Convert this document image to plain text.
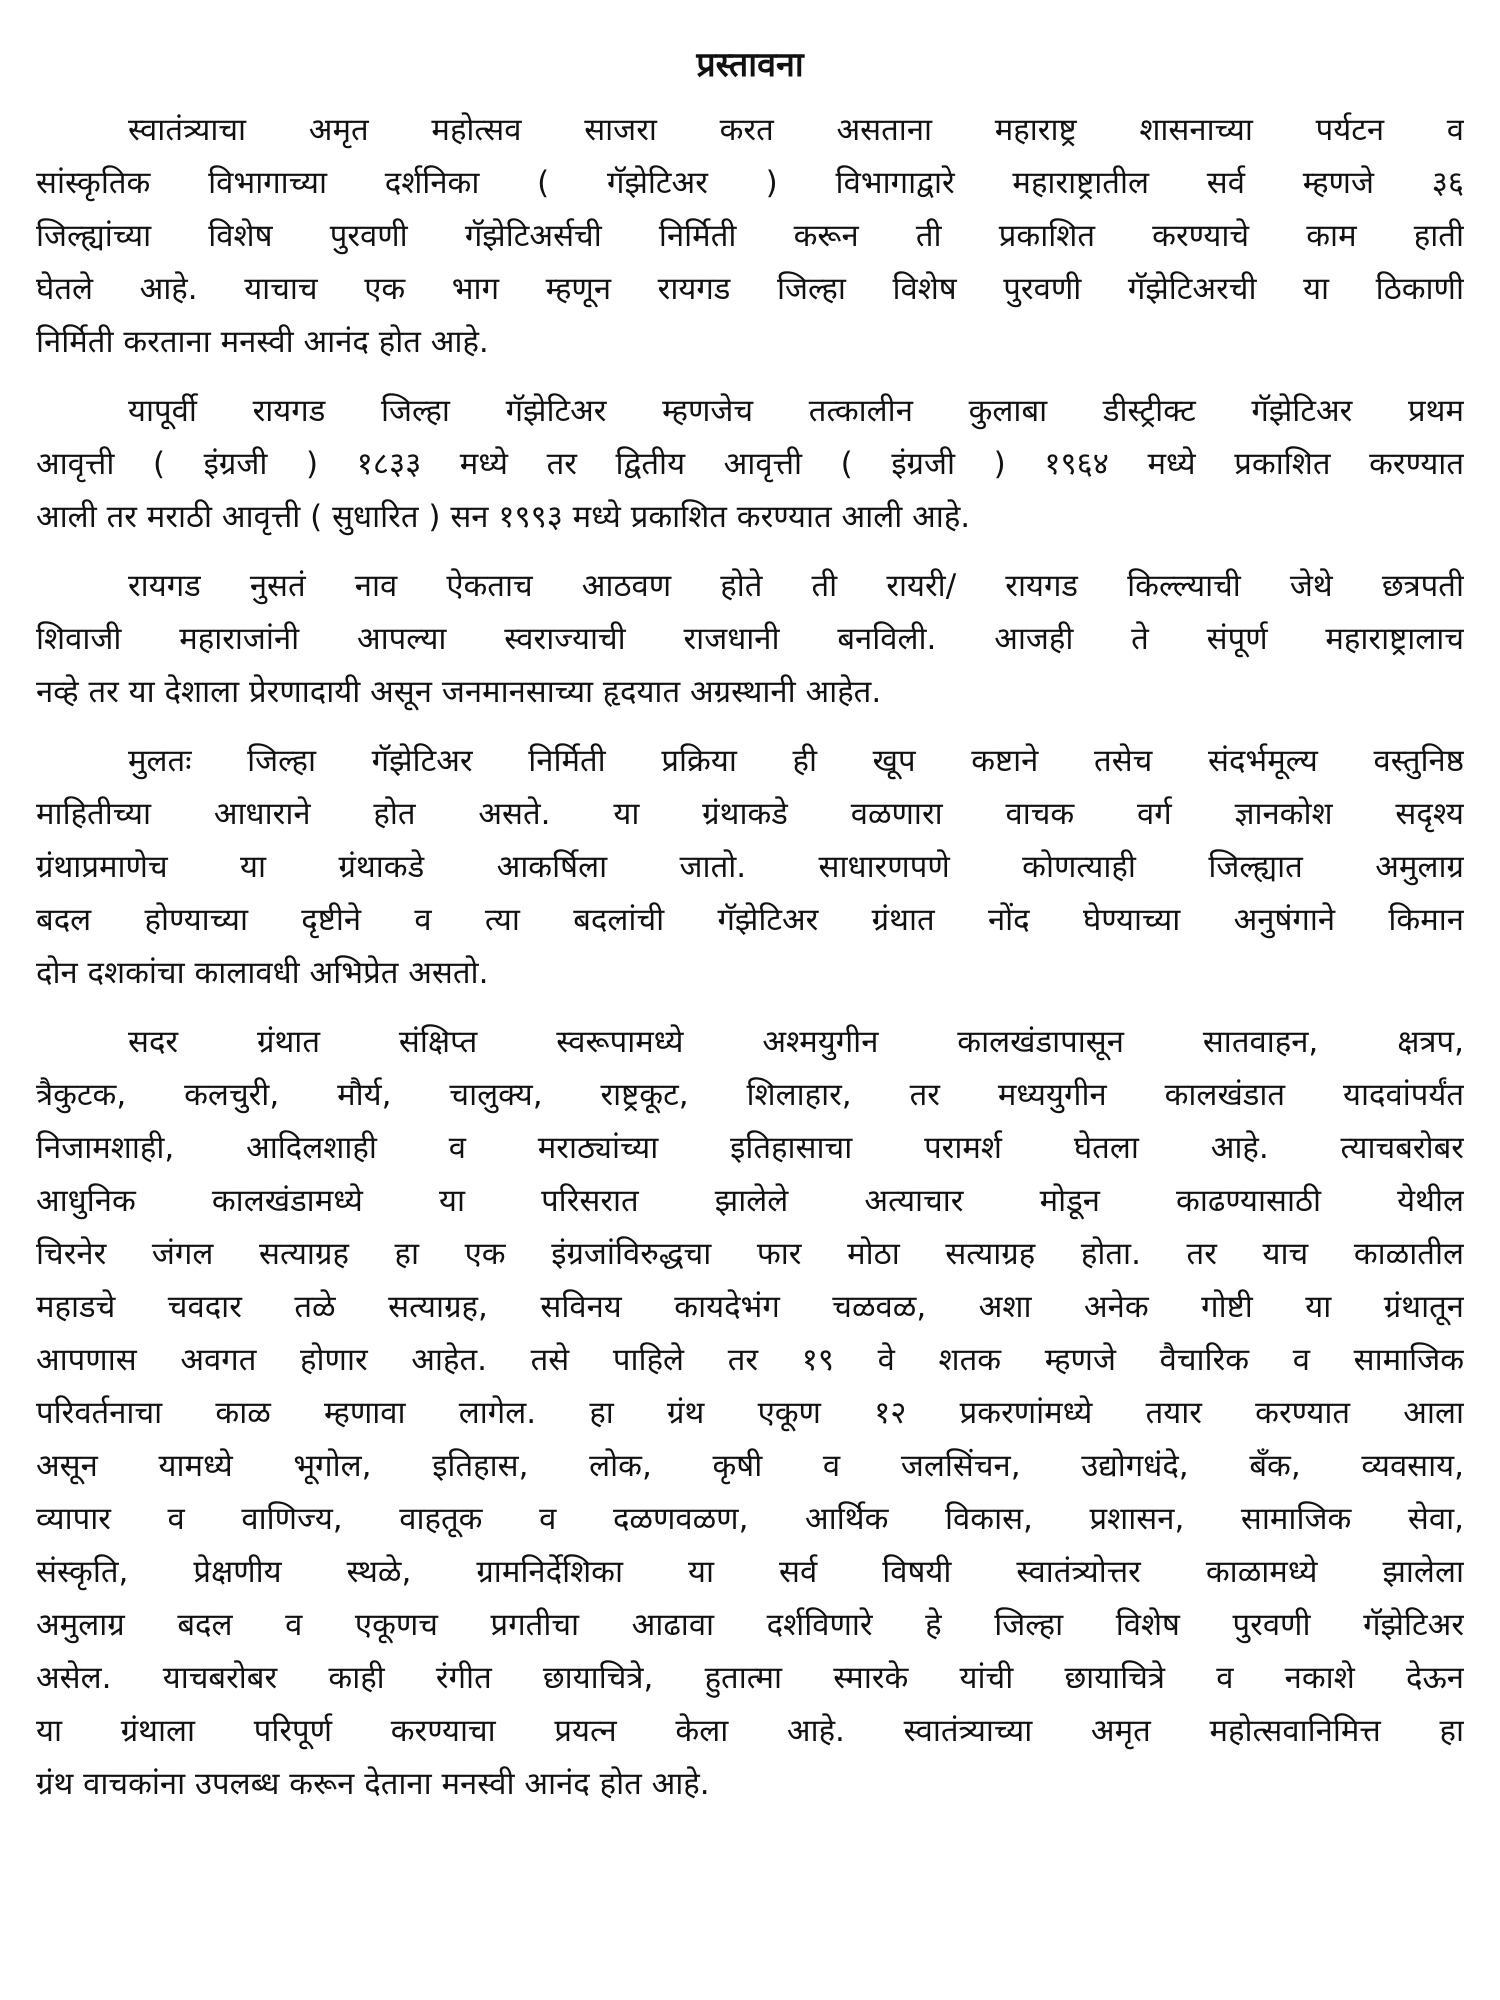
प्रस्तावना
स्वातंत्र्याचा अमृत महोत्सव साजरा करत असताना महाराष्ट्र शासनाच्या पर्यटन व
सांस्कृतिक विभागाच्या दर्शनिका ( गॅझेटिअर ) विभागाद्वारे महाराष्ट्रातील सर्व म्हणजे ३६
जिल्ह्यांच्या विशेष पुरवणी गॅझेटिअर्सची निर्मिती करून ती प्रकाशित करण्याचे काम हाती
घेतले आहे. याचाच एक भाग म्हणून रायगड जिल्हा विशेष पुरवणी गॅझेटिअरची या ठिकाणी
निर्मिती करताना मनस्वी आनंद होत आहे.
यापूर्वी रायगड जिल्हा गॅझेटिअर म्हणजेच तत्कालीन कुलाबा डीस्ट्रीक्ट गॅझेटिअर प्रथम
आवृत्ती ( इंग्रजी ) १८३३ मध्ये तर द्वितीय आवृत्ती ( इंग्रजी ) १९६४ मध्ये प्रकाशित करण्यात
आली तर मराठी आवृत्ती ( सुधारित ) सन १९९३ मध्ये प्रकाशित करण्यात आली आहे.
रायगड नुसतं नाव ऐकताच आठवण होते ती रायरी/ रायगड किल्ल्याची जेथे छत्रपती
शिवाजी महाराजांनी आपल्या स्वराज्याची राजधानी बनविली. आजही ते संपूर्ण महाराष्ट्रालाच
नव्हे तर या देशाला प्रेरणादायी असून जनमानसाच्या हृदयात अग्रस्थानी आहेत.
मुलतः जिल्हा गॅझेटिअर निर्मिती प्रक्रिया ही खूप कष्टाने तसेच संदर्भमूल्य वस्तुनिष्ठ
माहितीच्या आधाराने होत असते. या ग्रंथाकडे वळणारा वाचक वर्ग ज्ञानकोश सदृश्य
ग्रंथाप्रमाणेच या ग्रंथाकडे आकर्षिला जातो. साधारणपणे कोणत्याही जिल्ह्यात अमुलाग्र
बदल होण्याच्या दृष्टीने व त्या बदलांची गॅझेटिअर ग्रंथात नोंद घेण्याच्या अनुषंगाने किमान
दोन दशकांचा कालावधी अभिप्रेत असतो.
सदर ग्रंथात संक्षिप्त स्वरूपामध्ये अश्मयुगीन कालखंडापासून सातवाहन, क्षत्रप,
त्रैकुटक, कलचुरी, मौर्य, चालुक्य, राष्ट्रकूट, शिलाहार, तर मध्ययुगीन कालखंडात यादवांपर्यंत
निजामशाही, आदिलशाही व मराठ्यांच्या इतिहासाचा परामर्श घेतला आहे. त्याचबरोबर
आधुनिक कालखंडामध्ये या परिसरात झालेले अत्याचार मोडून काढण्यासाठी येथील
चिरनेर जंगल सत्याग्रह हा एक इंग्रजांविरुद्धचा फार मोठा सत्याग्रह होता. तर याच काळातील
महाडचे चवदार तळे सत्याग्रह, सविनय कायदेभंग चळवळ, अशा अनेक गोष्टी या ग्रंथातून
आपणास अवगत होणार आहेत. तसे पाहिले तर १९ वे शतक म्हणजे वैचारिक व सामाजिक
परिवर्तनाचा काळ म्हणावा लागेल. हा ग्रंथ एकूण १२ प्रकरणांमध्ये तयार करण्यात आला
असून यामध्ये भूगोल, इतिहास, लोक, कृषी व जलसिंचन, उद्योगधंदे, बँक, व्यवसाय,
व्यापार व वाणिज्य, वाहतूक व दळणवळण, आर्थिक विकास, प्रशासन, सामाजिक सेवा,
संस्कृति, प्रेक्षणीय स्थळे, ग्रामनिर्देशिका या सर्व विषयी स्वातंत्र्योत्तर काळामध्ये झालेला
अमुलाग्र बदल व एकूणच प्रगतीचा आढावा दर्शविणारे हे जिल्हा विशेष पुरवणी गॅझेटिअर
असेल. याचबरोबर काही रंगीत छायाचित्रे, हुतात्मा स्मारके यांची छायाचित्रे व नकाशे देऊन
या ग्रंथाला परिपूर्ण करण्याचा प्रयत्न केला आहे. स्वातंत्र्याच्या अमृत महोत्सवानिमित्त हा
ग्रंथ वाचकांना उपलब्ध करून देताना मनस्वी आनंद होत आहे.
